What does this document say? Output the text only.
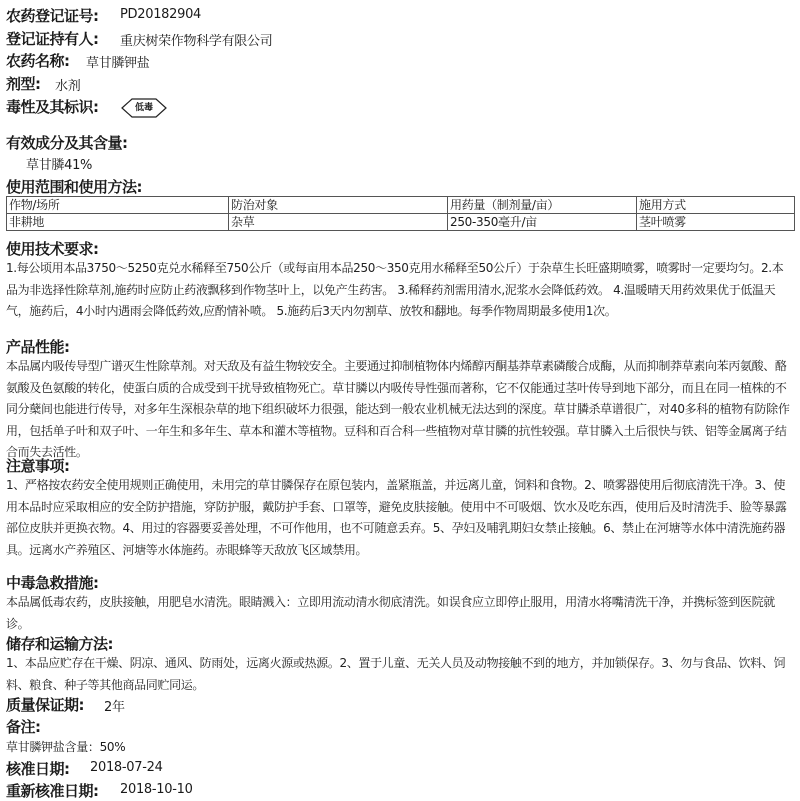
农药登记证号: PD20182904
登记证持有人: 重庆树荣作物科学有限公司
农药名称: 草甘膦钾盐
剂型: 水剂
毒性及其标识:	低毒
有效成分及其含量:
草甘膦41%
使用范围和使用方法:
作物/场所	防治对象	用药量（制剂量/亩）	施用方式
非耕地	杂草	250-350毫升/亩	茎叶喷雾
使用技术要求:
1.每公顷用本品3750～5250克兑水稀释至750公斤（或每亩用本品250～350克用水稀释至50公斤）于杂草生长旺盛期喷雾，喷雾时一定要均匀。2.本品为非选择性除草剂,施药时应防止药液飘移到作物茎叶上，以免产生药害。 3.稀释药剂需用清水,泥浆水会降低药效。 4.温暖晴天用药效果优于低温天气，施药后，4小时内遇雨会降低药效,应酌情补喷。 5.施药后3天内勿割草、放牧和翻地。每季作物周期最多使用1次。
产品性能:
本品属内吸传导型广谱灭生性除草剂。对天敌及有益生物较安全。主要通过抑制植物体内烯醇丙酮基莽草素磷酸合成酶，从而抑制莽草素向苯丙氨酸、酪氨酸及色氨酸的转化，使蛋白质的合成受到干扰导致植物死亡。草甘膦以内吸传导性强而著称，它不仅能通过茎叶传导到地下部分，而且在同一植株的不同分蘖间也能进行传导，对多年生深根杂草的地下组织破坏力很强，能达到一般农业机械无法达到的深度。草甘膦杀草谱很广，对40多科的植物有防除作用，包括单子叶和双子叶、一年生和多年生、草本和灌木等植物。豆科和百合科一些植物对草甘膦的抗性较强。草甘膦入土后很快与铁、铝等金属离子结合而失去活性。
注意事项:
1、严格按农药安全使用规则正确使用，未用完的草甘膦保存在原包装内，盖紧瓶盖，并远离儿童，饲料和食物。2、喷雾器使用后彻底清洗干净。3、使用本品时应采取相应的安全防护措施，穿防护服，戴防护手套、口罩等，避免皮肤接触。使用中不可吸烟、饮水及吃东西，使用后及时清洗手、脸等暴露部位皮肤并更换衣物。4、用过的容器要妥善处理，不可作他用，也不可随意丢弃。5、孕妇及哺乳期妇女禁止接触。6、禁止在河塘等水体中清洗施药器具。远离水产养殖区、河塘等水体施药。赤眼蜂等天敌放飞区域禁用。
中毒急救措施:
本品属低毒农药，皮肤接触，用肥皂水清洗。眼睛溅入：立即用流动清水彻底清洗。如误食应立即停止服用，用清水将嘴清洗干净，并携标签到医院就诊。
储存和运输方法:
1、本品应贮存在干燥、阴凉、通风、防雨处，远离火源或热源。2、置于儿童、无关人员及动物接触不到的地方，并加锁保存。3、勿与食品、饮料、饲料、粮食、种子等其他商品同贮同运。
质量保证期: 2年
备注:
草甘膦钾盐含量：50%
核准日期: 2018-07-24
重新核准日期: 2018-10-10
